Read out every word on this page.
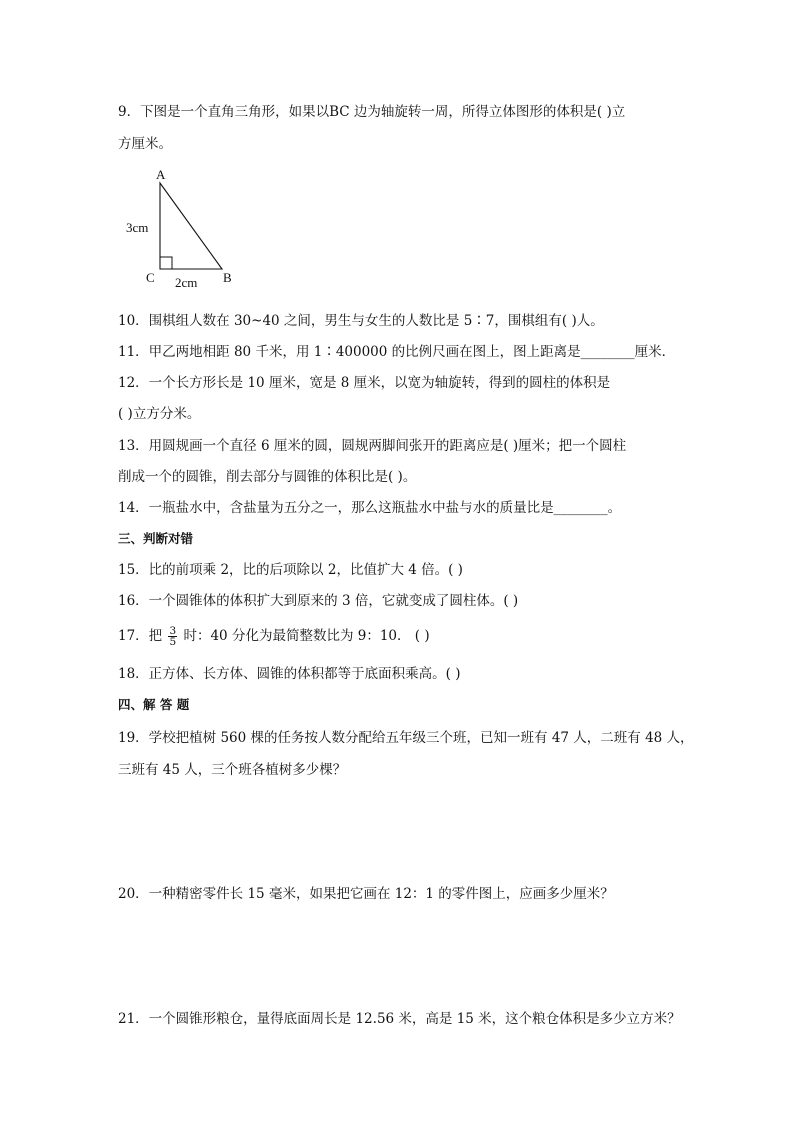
9．下图是一个直角三角形，如果以BC 边为轴旋转一周，所得立体图形的体积是( )立
方厘米。
A
C	B
3cm
2cm
10．围棋组人数在 30~40 之间，男生与女生的人数比是 5∶7，围棋组有( )人。
11．甲乙两地相距 80 千米，用 1∶400000 的比例尺画在图上，图上距离是________厘米．
12．一个长方形长是 10 厘米，宽是 8 厘米，以宽为轴旋转，得到的圆柱的体积是
( )立方分米。
13．用圆规画一个直径 6 厘米的圆，圆规两脚间张开的距离应是( )厘米；把一个圆柱
削成一个的圆锥，削去部分与圆锥的体积比是( )。
14．一瓶盐水中，含盐量为五分之一，那么这瓶盐水中盐与水的质量比是________。
三、判断对错
15．比的前项乘 2，比的后项除以 2，比值扩大 4 倍。( )
16．一个圆锥体的体积扩大到原来的 3 倍，它就变成了圆柱体。( )
17．把 $\frac{3}{5}$ 时：40 分化为最简整数比为 9：10． ( )
18．正方体、长方体、圆锥的体积都等于底面积乘高。( )
四、解 答 题
19．学校把植树 560 棵的任务按人数分配给五年级三个班，已知一班有 47 人，二班有 48 人，
三班有 45 人，三个班各植树多少棵？
20．一种精密零件长 15 毫米，如果把它画在 12：1 的零件图上，应画多少厘米？
21．一个圆锥形粮仓，量得底面周长是 12.56 米，高是 15 米，这个粮仓体积是多少立方米？
